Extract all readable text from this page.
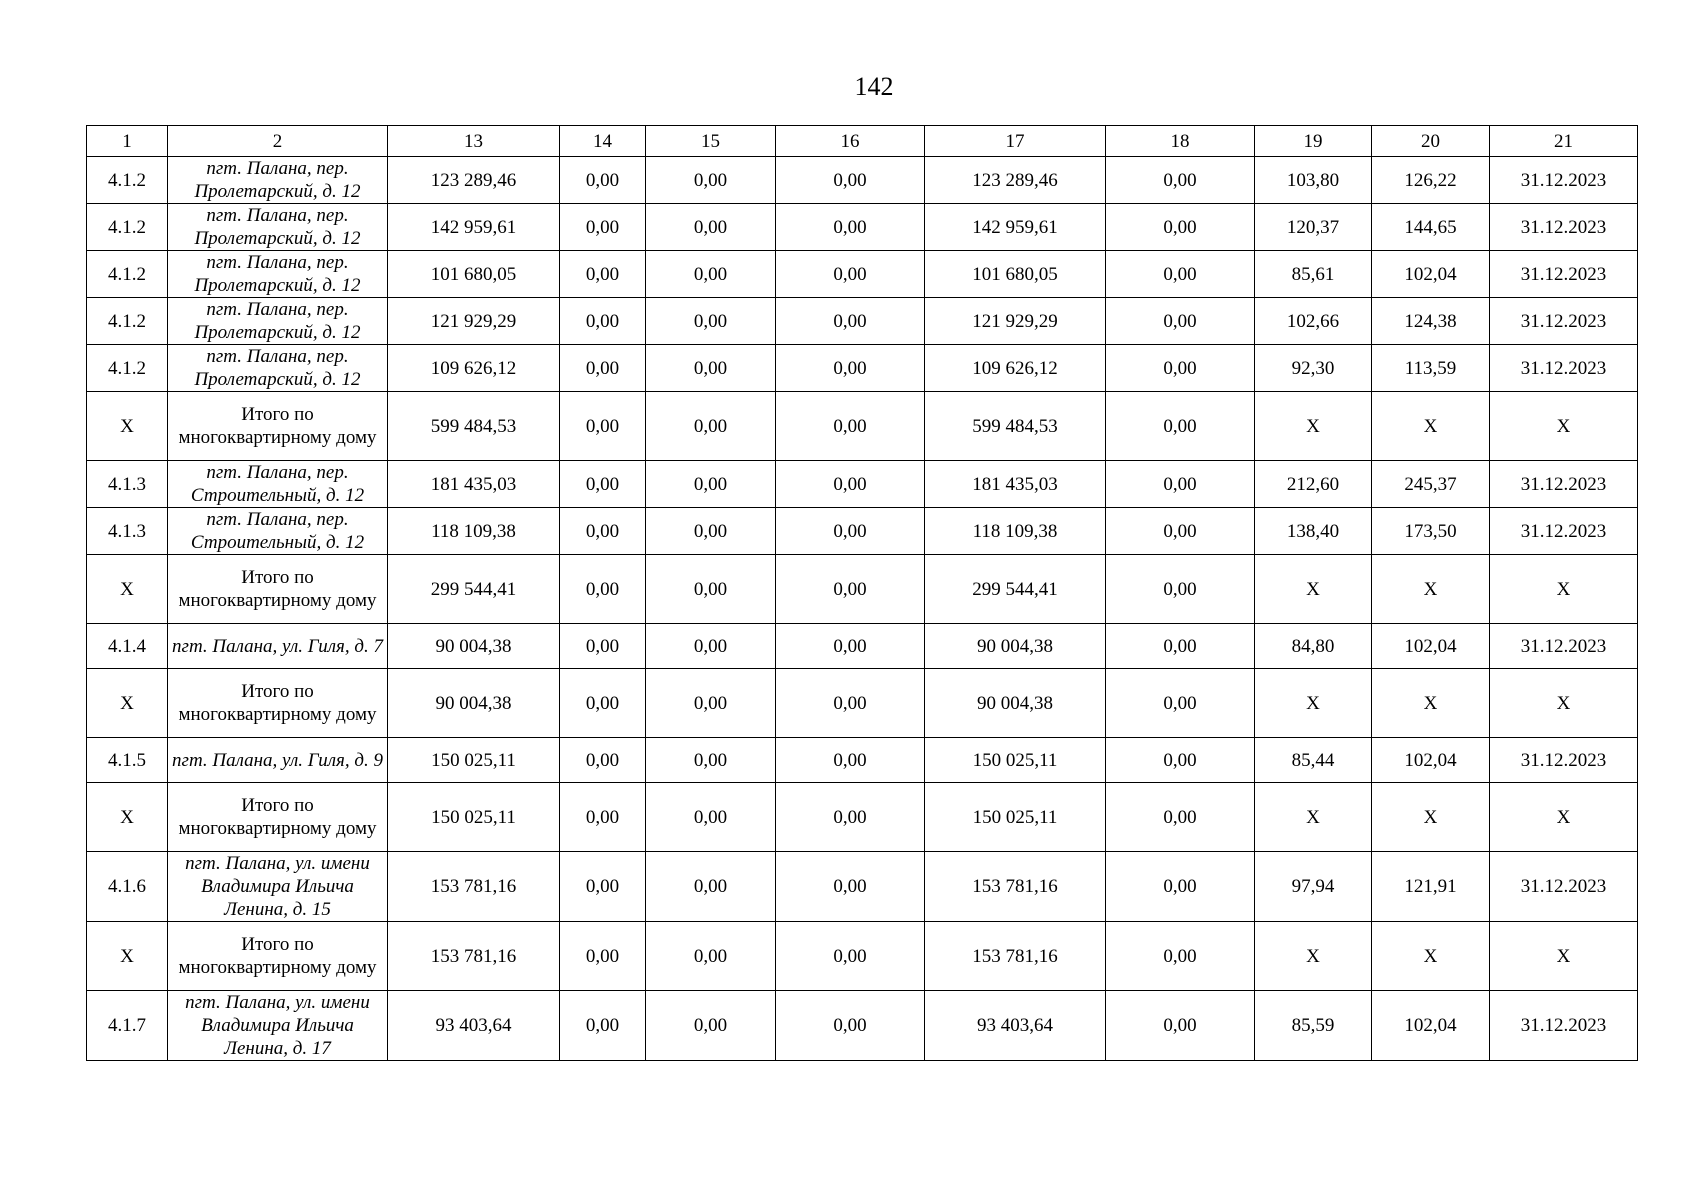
142
1	2	13	14	15	16	17	18	19	20	21
4.1.2	пгт. Палана, пер. Пролетарский, д. 12	123 289,46	0,00	0,00	0,00	123 289,46	0,00	103,80	126,22	31.12.2023
4.1.2	пгт. Палана, пер. Пролетарский, д. 12	142 959,61	0,00	0,00	0,00	142 959,61	0,00	120,37	144,65	31.12.2023
4.1.2	пгт. Палана, пер. Пролетарский, д. 12	101 680,05	0,00	0,00	0,00	101 680,05	0,00	85,61	102,04	31.12.2023
4.1.2	пгт. Палана, пер. Пролетарский, д. 12	121 929,29	0,00	0,00	0,00	121 929,29	0,00	102,66	124,38	31.12.2023
4.1.2	пгт. Палана, пер. Пролетарский, д. 12	109 626,12	0,00	0,00	0,00	109 626,12	0,00	92,30	113,59	31.12.2023
X	Итого по многоквартирному дому	599 484,53	0,00	0,00	0,00	599 484,53	0,00	X	X	X
4.1.3	пгт. Палана, пер. Строительный, д. 12	181 435,03	0,00	0,00	0,00	181 435,03	0,00	212,60	245,37	31.12.2023
4.1.3	пгт. Палана, пер. Строительный, д. 12	118 109,38	0,00	0,00	0,00	118 109,38	0,00	138,40	173,50	31.12.2023
X	Итого по многоквартирному дому	299 544,41	0,00	0,00	0,00	299 544,41	0,00	X	X	X
4.1.4	пгт. Палана, ул. Гиля, д. 7	90 004,38	0,00	0,00	0,00	90 004,38	0,00	84,80	102,04	31.12.2023
X	Итого по многоквартирному дому	90 004,38	0,00	0,00	0,00	90 004,38	0,00	X	X	X
4.1.5	пгт. Палана, ул. Гиля, д. 9	150 025,11	0,00	0,00	0,00	150 025,11	0,00	85,44	102,04	31.12.2023
X	Итого по многоквартирному дому	150 025,11	0,00	0,00	0,00	150 025,11	0,00	X	X	X
4.1.6	пгт. Палана, ул. имени Владимира Ильича Ленина, д. 15	153 781,16	0,00	0,00	0,00	153 781,16	0,00	97,94	121,91	31.12.2023
X	Итого по многоквартирному дому	153 781,16	0,00	0,00	0,00	153 781,16	0,00	X	X	X
4.1.7	пгт. Палана, ул. имени Владимира Ильича Ленина, д. 17	93 403,64	0,00	0,00	0,00	93 403,64	0,00	85,59	102,04	31.12.2023
